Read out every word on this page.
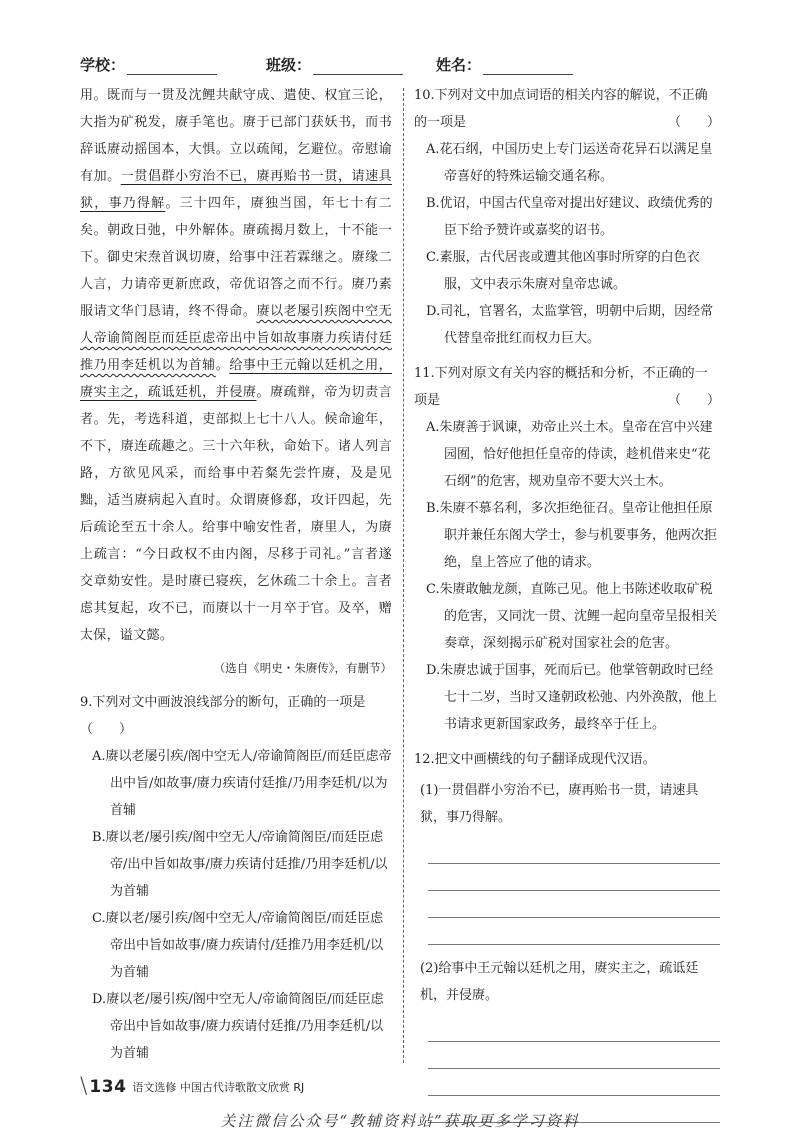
学校：	班级：	姓名：
用。既而与一贯及沈鲤共献守成、遣使、权宜三论，大指为矿税发，赓手笔也。赓于已部门获妖书，而书辞诋赓动摇国本，大惧。立以疏闻，乞避位。帝慰谕有加。一贯倡群小穷治不已，赓再贻书一贯，请速具狱，事乃得解。三十四年，赓独当国，年七十有二矣。朝政日弛，中外解体。赓疏揭月数上，十不能一下。御史宋焘首讽切赓，给事中汪若霖继之。赓缘二人言，力请帝更新庶政，帝优诏答之而不行。赓乃素服请文华门恳请，终不得命。赓以老屡引疾阁中空无人帝谕简阁臣而廷臣虑帝出中旨如故事赓力疾请付廷推乃用李廷机以为首辅。给事中王元翰以廷机之用，赓实主之，疏诋廷机，并侵赓。赓疏辩，帝为切责言者。先，考选科道，吏部拟上七十八人。候命逾年，不下，赓连疏趣之。三十六年秋，命始下。诸人列言路，方欲见风采，而给事中若粲先尝忤赓，及是见黜，适当赓病起入直时。众谓赓修郄，攻讦四起，先后疏论至五十余人。给事中喻安性者，赓里人，为赓上疏言：“今日政权不由内阁，尽移于司礼。”言者遂交章劾安性。是时赓已寝疾，乞休疏二十余上。言者虑其复起，攻不已，而赓以十一月卒于官。及卒，赠太保，谥文懿。
（选自《明史・朱赓传》，有删节）
9.下列对文中画波浪线部分的断句，正确的一项是（　　）
A.赓以老屡引疾/阁中空无人/帝谕简阁臣/而廷臣虑帝出中旨/如故事/赓力疾请付廷推/乃用李廷机/以为首辅
B.赓以老/屡引疾/阁中空无人/帝谕简阁臣/而廷臣虑帝/出中旨如故事/赓力疾请付廷推/乃用李廷机/以为首辅
C.赓以老/屡引疾/阁中空无人/帝谕简阁臣/而廷臣虑帝出中旨如故事/赓力疾请付/廷推乃用李廷机/以为首辅
D.赓以老/屡引疾/阁中空无人/帝谕简阁臣/而廷臣虑帝出中旨如故事/赓力疾请付廷推/乃用李廷机/以为首辅
10.下列对文中加点词语的相关内容的解说，不正确的一项是	（　　）
A.花石纲，中国历史上专门运送奇花异石以满足皇帝喜好的特殊运输交通名称。
B.优诏，中国古代皇帝对提出好建议、政绩优秀的臣下给予赞许或嘉奖的诏书。
C.素服，古代居丧或遭其他凶事时所穿的白色衣服，文中表示朱赓对皇帝忠诚。
D.司礼，官署名，太监掌管，明朝中后期，因经常代替皇帝批红而权力巨大。
11.下列对原文有关内容的概括和分析，不正确的一项是	（　　）
A.朱赓善于讽谏，劝帝止兴土木。皇帝在宫中兴建园囿，恰好他担任皇帝的侍读，趁机借来史“花石纲”的危害，规劝皇帝不要大兴土木。
B.朱赓不慕名利，多次拒绝征召。皇帝让他担任原职并兼任东阁大学士，参与机要事务，他两次拒绝，皇上答应了他的请求。
C.朱赓敢触龙颜，直陈己见。他上书陈述收取矿税的危害，又同沈一贯、沈鲤一起向皇帝呈报相关奏章，深刻揭示矿税对国家社会的危害。
D.朱赓忠诚于国事，死而后已。他掌管朝政时已经七十二岁，当时又逢朝政松弛、内外涣散，他上书请求更新国家政务，最终卒于任上。
12.把文中画横线的句子翻译成现代汉语。
(1)一贯倡群小穷治不已，赓再贻书一贯，请速具狱，事乃得解。
(2)给事中王元翰以廷机之用，赓实主之，疏诋廷机，并侵赓。
\ 134 语文选修 中国古代诗歌散文欣赏 RJ
关注微信公众号“教辅资料站”获取更多学习资料
